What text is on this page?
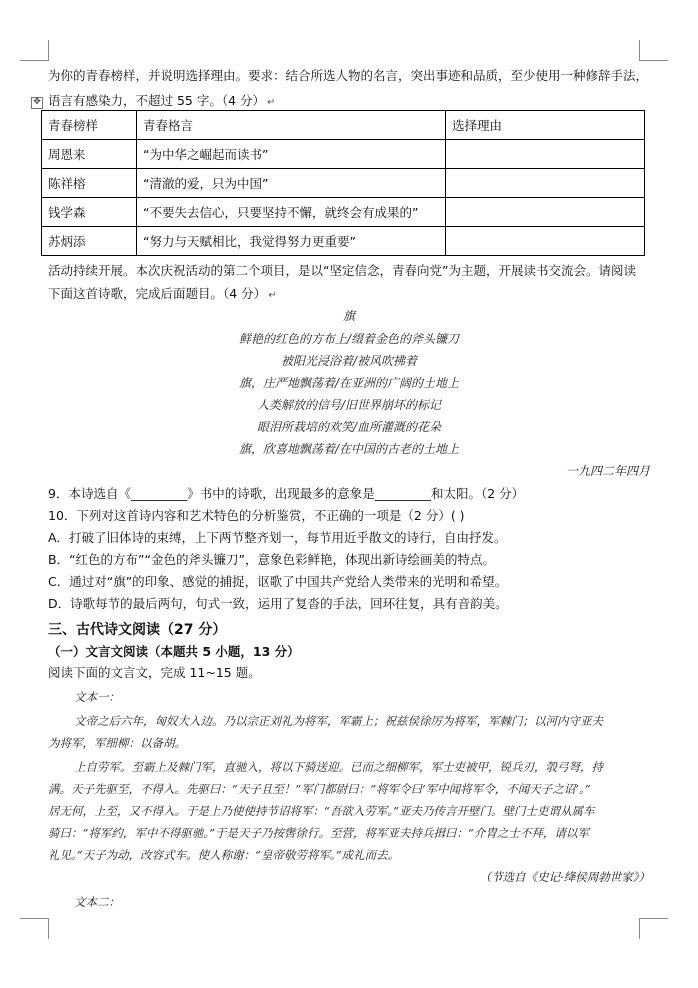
为你的青春榜样，并说明选择理由。要求：结合所选人物的名言，突出事迹和品质，至少使用一种修辞手法，
语言有感染力，不超过 55 字。（4 分） ↵
✥
青春榜样	青春格言	选择理由
周恩来	“为中华之崛起而读书”	
陈祥榕	“清澈的爱，只为中国”	
钱学森	“不要失去信心，只要坚持不懈，就终会有成果的”	
苏炳添	“努力与天赋相比，我觉得努力更重要”	
活动持续开展。本次庆祝活动的第二个项目，是以“坚定信念，青春向党”为主题，开展读书交流会。请阅读
下面这首诗歌，完成后面题目。（4 分） ↵
旗
鲜艳的红色的方布上/缀着金色的斧头镰刀
被阳光浸浴着/被风吹拂着
旗，庄严地飘荡着/在亚洲的广阔的土地上
人类解放的信号/旧世界崩坏的标记
眼泪所栽培的欢笑/血所灌溉的花朵
旗，欣喜地飘荡着/在中国的古老的土地上
一九四二年四月
9．本诗选自《_________》书中的诗歌，出现最多的意象是_________和太阳。（2 分）
10．下列对这首诗内容和艺术特色的分析鉴赏，不正确的一项是（2 分）( )
A．打破了旧体诗的束缚，上下两节整齐划一，每节用近乎散文的诗行，自由抒发。
B．“红色的方布”“金色的斧头镰刀”，意象色彩鲜艳，体现出新诗绘画美的特点。
C．通过对“旗”的印象、感觉的捕捉，讴歌了中国共产党给人类带来的光明和希望。
D．诗歌每节的最后两句，句式一致，运用了复沓的手法，回环往复，具有音韵美。
三、古代诗文阅读（27 分）
（一）文言文阅读（本题共 5 小题，13 分）
阅读下面的文言文，完成 11~15 题。
文本一：
文帝之后六年，匈奴大入边。乃以宗正刘礼为将军，军霸上；祝兹侯徐厉为将军，军棘门；以河内守亚夫
为将军，军细柳：以备胡。
上自劳军。至霸上及棘门军，直驰入，将以下骑送迎。已而之细柳军，军士吏被甲，锐兵刃，彀弓弩，持
满。天子先驱至，不得入。先驱曰：“天子且至！”军门都尉曰：“将军令曰‘军中闻将军令，不闻天子之诏’。”
居无何，上至，又不得入。于是上乃使使持节诏将军：“吾欲入劳军。”亚夫乃传言开壁门。壁门士吏谓从属车
骑曰：“将军约，军中不得驱驰。”于是天子乃按辔徐行。至营，将军亚夫持兵揖曰：“介胄之士不拜，请以军
礼见。”天子为动，改容式车。使人称谢：“皇帝敬劳将军。”成礼而去。
（节选自《史记·绛侯周勃世家》）
文本二：
